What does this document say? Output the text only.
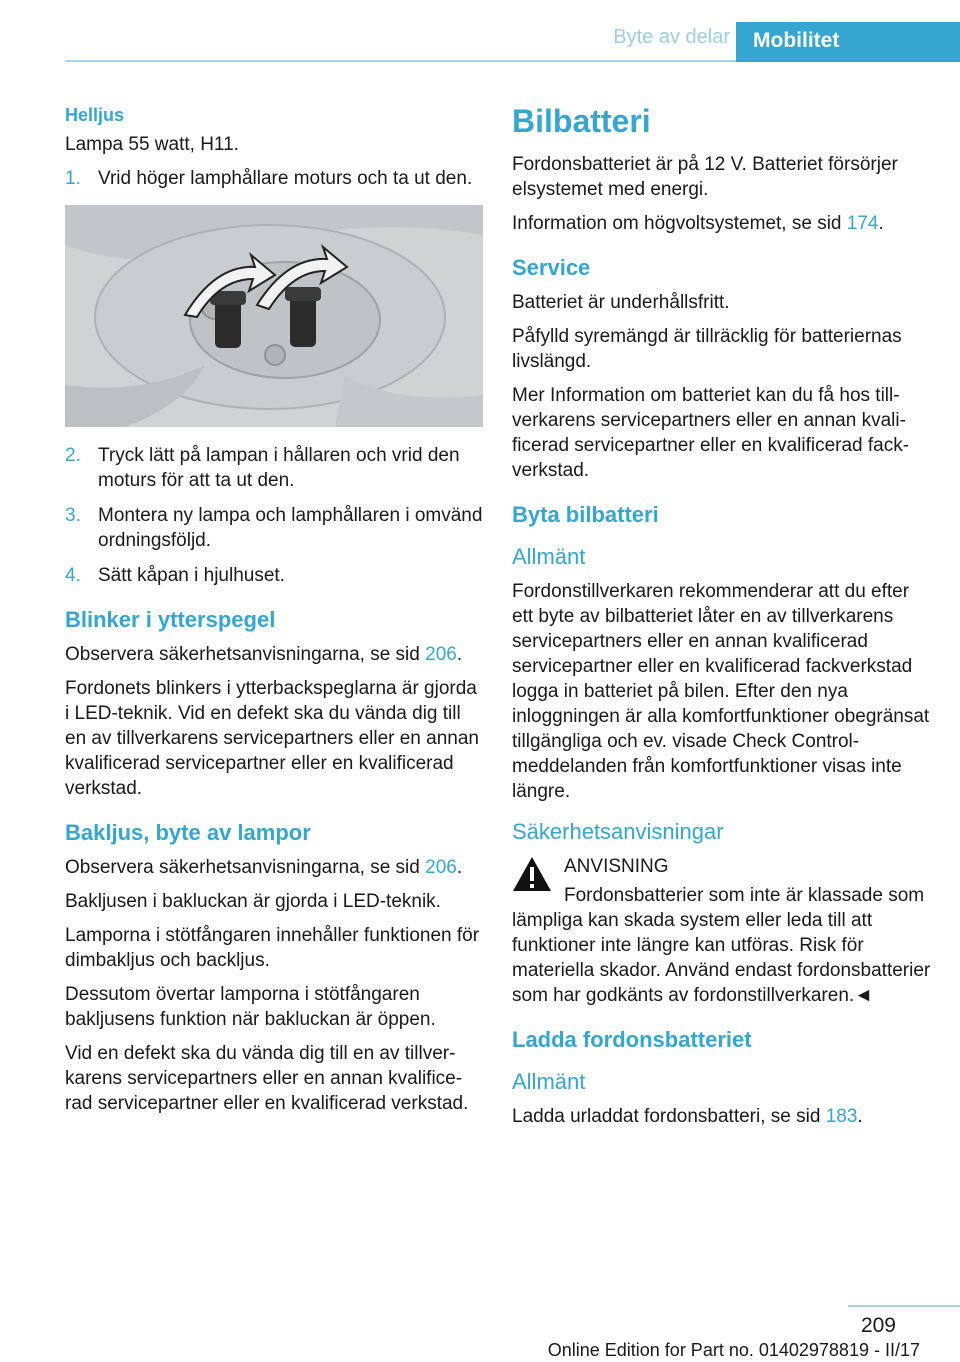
Byte av delar	Mobilitet
Helljus

Lampa 55 watt, H11.

1. Vrid höger lamphållare moturs och ta ut den.
2. Tryck lätt på lampan i hållaren och vrid den moturs för att ta ut den.
3. Montera ny lampa och lamphållaren i omvänd ordningsföljd.
4. Sätt kåpan i hjulhuset.
Blinker i ytterspegel

Observera säkerhetsanvisningarna, se sid 206.

Fordonets blinkers i ytterbackspeglarna är gjorda i LED-teknik. Vid en defekt ska du vända dig till en av tillverkarens servicepartners eller en annan kvalificerad servicepartner eller en kvalificerad verkstad.

Bakljus, byte av lampor

Observera säkerhetsanvisningarna, se sid 206.

Bakljusen i bakluckan är gjorda i LED-teknik.

Lamporna i stötfångaren innehåller funktionen för dimbakljus och backljus.

Dessutom övertar lamporna i stötfångaren bakljusens funktion när bakluckan är öppen.

Vid en defekt ska du vända dig till en av tillverkarens servicepartners eller en annan kvalificerad servicepartner eller en kvalificerad verkstad.

Bilbatteri

Fordonsbatteriet är på 12 V. Batteriet försörjer elsystemet med energi.

Information om högvoltsystemet, se sid 174.

Service

Batteriet är underhållsfritt.

Påfylld syremängd är tillräcklig för batteriernas livslängd.

Mer Information om batteriet kan du få hos tillverkarens servicepartners eller en annan kvalificerad servicepartner eller en kvalificerad fackverkstad.

Byta bilbatteri
Allmänt

Fordonstillverkaren rekommenderar att du efter ett byte av bilbatteriet låter en av tillverkarens servicepartners eller en annan kvalificerad servicepartner eller en kvalificerad fackverkstad logga in batteriet på bilen. Efter den nya inloggningen är alla komfortfunktioner obegränsat tillgängliga och ev. visade Check Control-meddelanden från komfortfunktioner visas inte längre.

Säkerhetsanvisningar

ANVISNING

Fordonsbatterier som inte är klassade som lämpliga kan skada system eller leda till att funktioner inte längre kan utföras. Risk för materiella skador. Använd endast fordonsbatterier som har godkänts av fordonstillverkaren.◄

Ladda fordonsbatteriet
Allmänt

Ladda urladdat fordonsbatteri, se sid 183.

209
Online Edition for Part no. 01402978819 - II/17
